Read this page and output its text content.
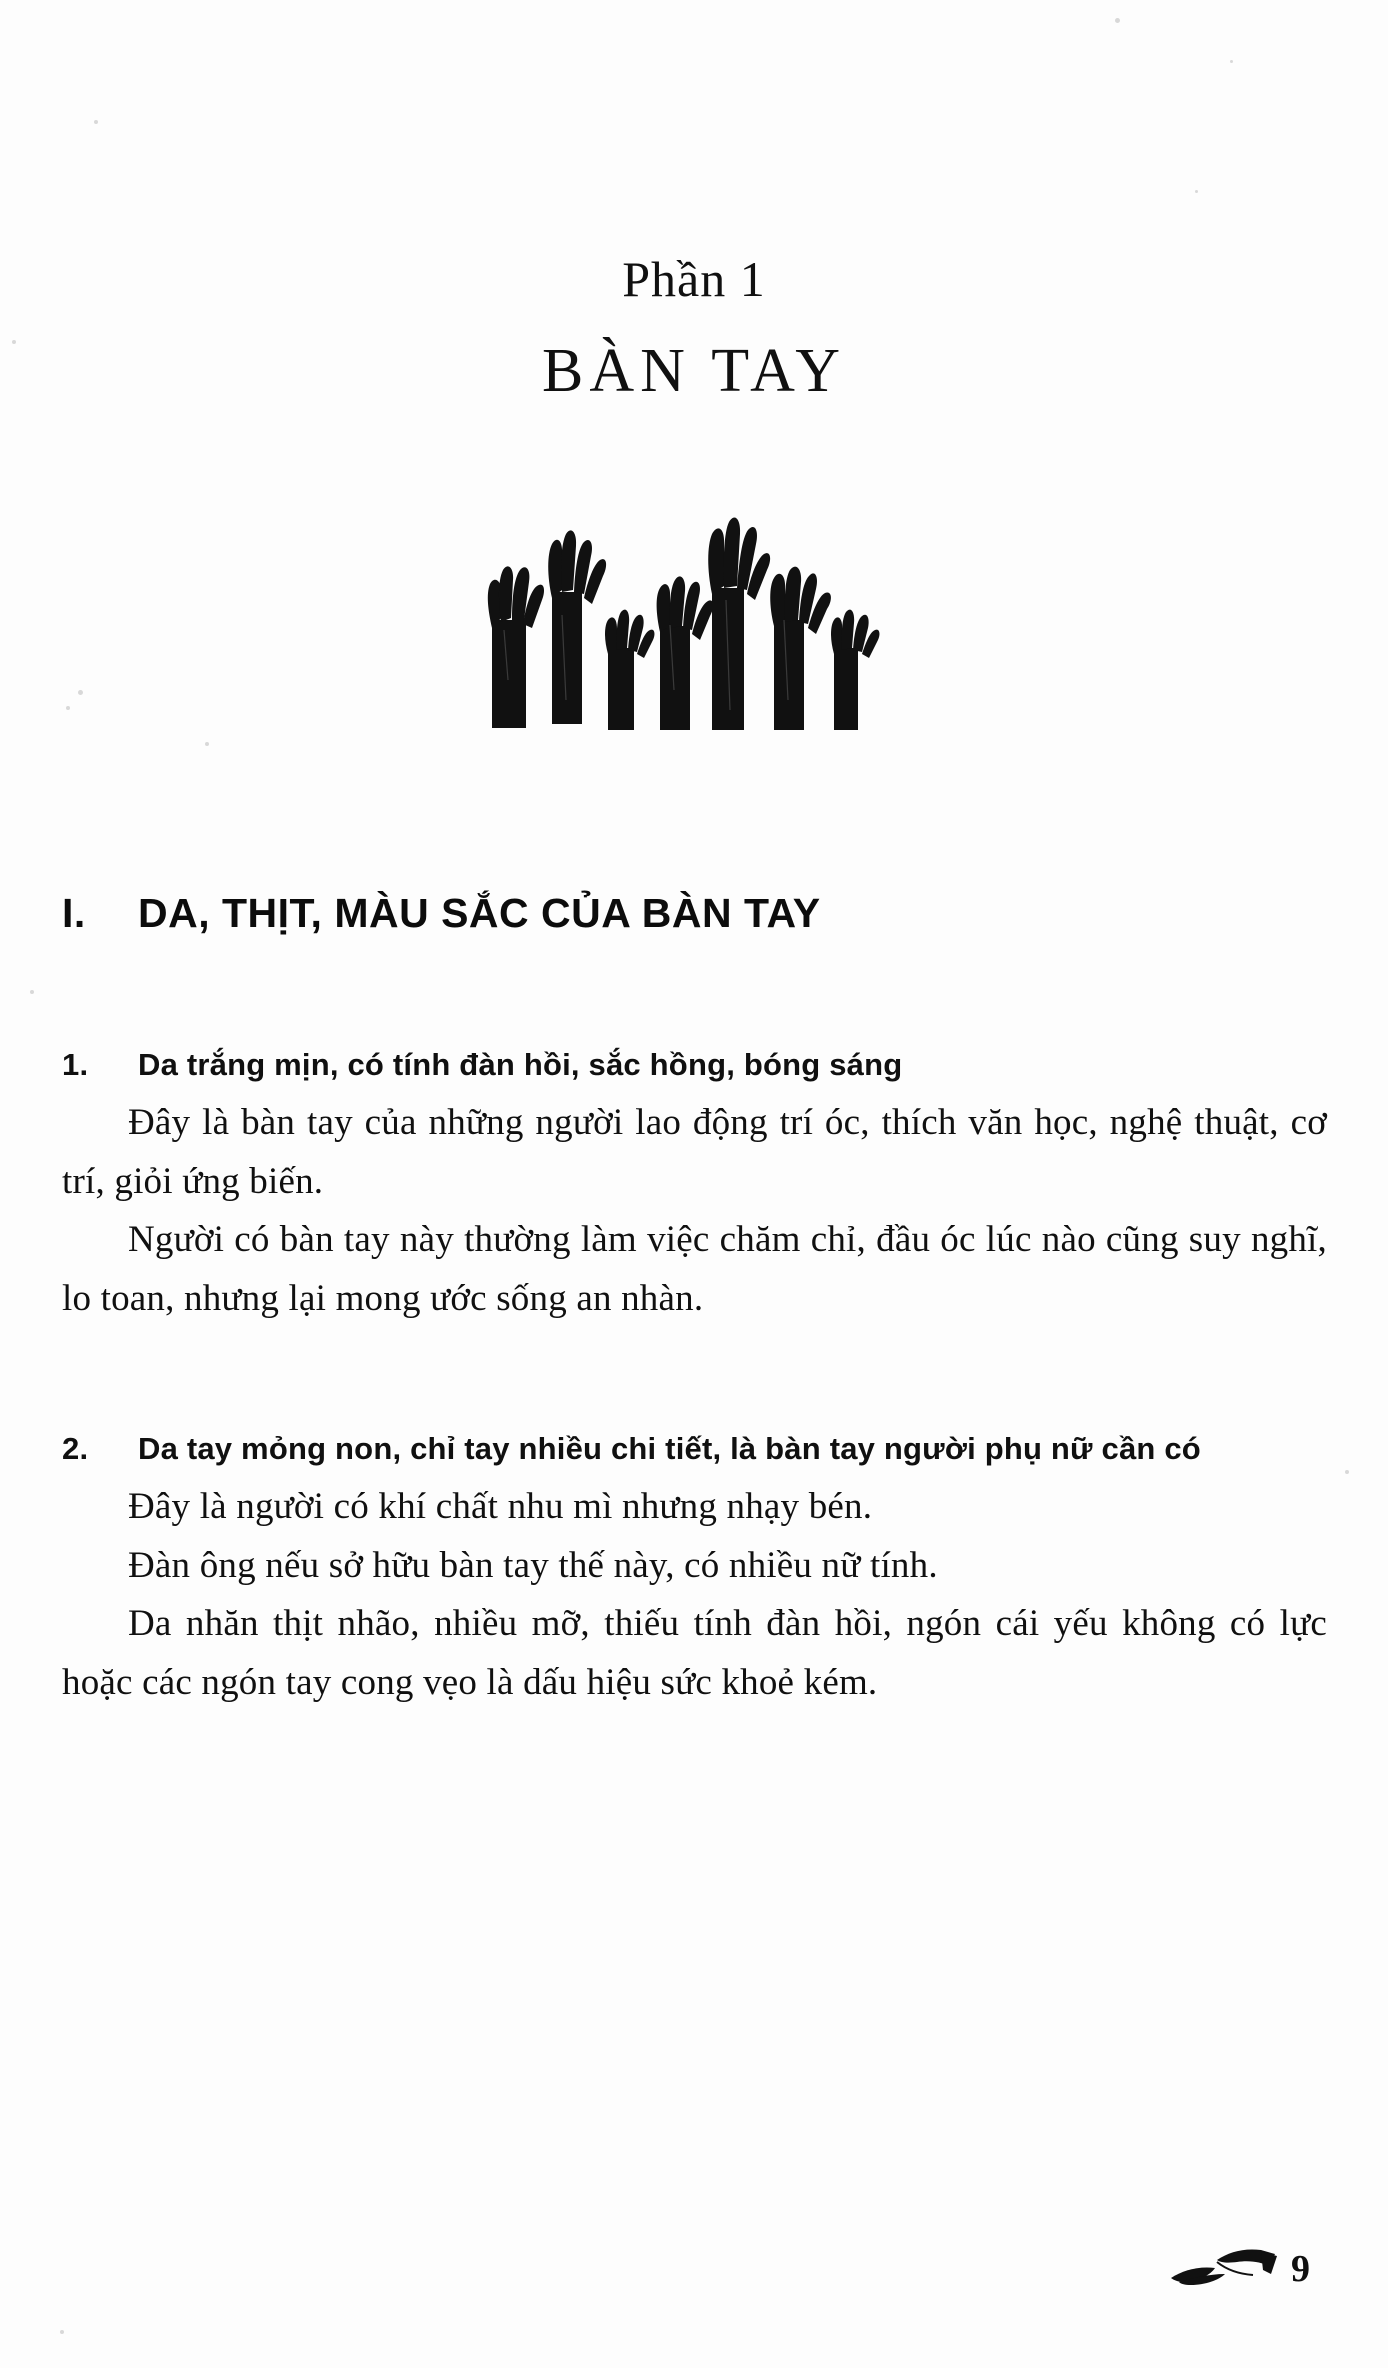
Phần 1

BÀN TAY
I. DA, THỊT, MÀU SẮC CỦA BÀN TAY

1. Da trắng mịn, có tính đàn hồi, sắc hồng, bóng sáng

Đây là bàn tay của những người lao động trí óc, thích văn học, nghệ thuật, cơ trí, giỏi ứng biến.

Người có bàn tay này thường làm việc chăm chỉ, đầu óc lúc nào cũng suy nghĩ, lo toan, nhưng lại mong ước sống an nhàn.

2. Da tay mỏng non, chỉ tay nhiều chi tiết, là bàn tay người phụ nữ cần có

Đây là người có khí chất nhu mì nhưng nhạy bén.

Đàn ông nếu sở hữu bàn tay thế này, có nhiều nữ tính.

Da nhăn thịt nhão, nhiều mỡ, thiếu tính đàn hồi, ngón cái yếu không có lực hoặc các ngón tay cong vẹo là dấu hiệu sức khoẻ kém.

9
